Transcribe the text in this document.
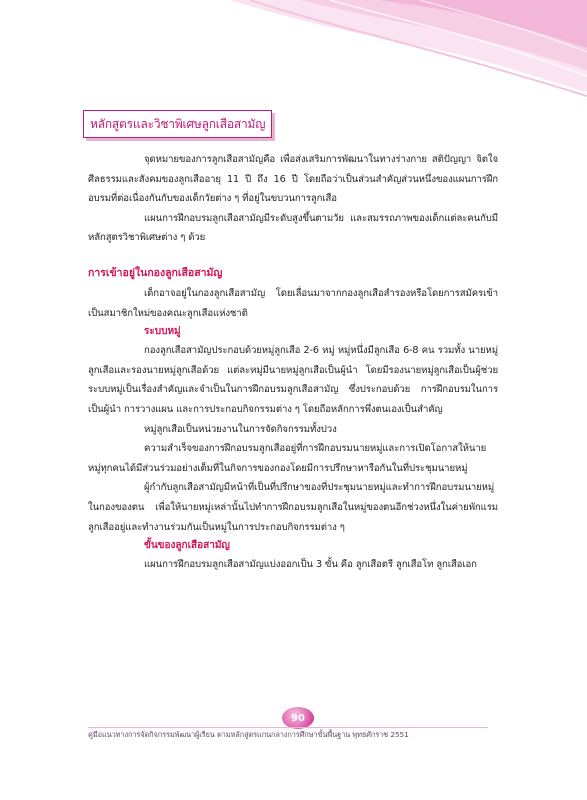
หลักสูตรและวิชาพิเศษลูกเสือสามัญ

จุดหมายของการลูกเสือสามัญคือ เพื่อส่งเสริมการพัฒนาในทางร่างกาย สติปัญญา จิตใจ ศีลธรรมและสังคมของลูกเสืออายุ 11 ปี ถึง 16 ปี โดยถือว่าเป็นส่วนสำคัญส่วนหนึ่งของแผนการฝึกอบรมที่ต่อเนื่องกันกับของเด็กวัยต่าง ๆ ที่อยู่ในขบวนการลูกเสือ

แผนการฝึกอบรมลูกเสือสามัญมีระดับสูงขึ้นตามวัย และสมรรถภาพของเด็กแต่ละคนกับมีหลักสูตรวิชาพิเศษต่าง ๆ ด้วย

การเข้าอยู่ในกองลูกเสือสามัญ

เด็กอาจอยู่ในกองลูกเสือสามัญ โดยเลื่อนมาจากกองลูกเสือสำรองหรือโดยการสมัครเข้าเป็นสมาชิกใหม่ของคณะลูกเสือแห่งชาติ

ระบบหมู่

กองลูกเสือสามัญประกอบด้วยหมู่ลูกเสือ 2-6 หมู่ หมู่หนึ่งมีลูกเสือ 6-8 คน รวมทั้ง นายหมู่ลูกเสือและรองนายหมู่ลูกเสือด้วย แต่ละหมู่มีนายหมู่ลูกเสือเป็นผู้นำ โดยมีรองนายหมู่ลูกเสือเป็นผู้ช่วยระบบหมู่เป็นเรื่องสำคัญและจำเป็นในการฝึกอบรมลูกเสือสามัญ ซึ่งประกอบด้วย การฝึกอบรมในการเป็นผู้นำ การวางแผน และการประกอบกิจกรรมต่าง ๆ โดยถือหลักการพึ่งตนเองเป็นสำคัญ

หมู่ลูกเสือเป็นหน่วยงานในการจัดกิจกรรมทั้งปวง

ความสำเร็จของการฝึกอบรมลูกเสืออยู่ที่การฝึกอบรมนายหมู่และการเปิดโอกาสให้นายหมู่ทุกคนได้มีส่วนร่วมอย่างเต็มที่ในกิจการของกองโดยมีการปรึกษาหารือกันในที่ประชุมนายหมู่

ผู้กำกับลูกเสือสามัญมีหน้าที่เป็นที่ปรึกษาของที่ประชุมนายหมู่และทำการฝึกอบรมนายหมู่ในกองของตน เพื่อให้นายหมู่เหล่านั้นไปทำการฝึกอบรมลูกเสือในหมู่ของตนอีกช่วงหนึ่งในค่ายพักแรม ลูกเสืออยู่และทำงานร่วมกันเป็นหมู่ในการประกอบกิจกรรมต่าง ๆ

ขั้นของลูกเสือสามัญ

แผนการฝึกอบรมลูกเสือสามัญแบ่งออกเป็น 3 ขั้น คือ ลูกเสือตรี ลูกเสือโท ลูกเสือเอก

90
คู่มือแนวทางการจัดกิจกรรมพัฒนาผู้เรียน ตามหลักสูตรแกนกลางการศึกษาขั้นพื้นฐาน พุทธศักราช 2551
